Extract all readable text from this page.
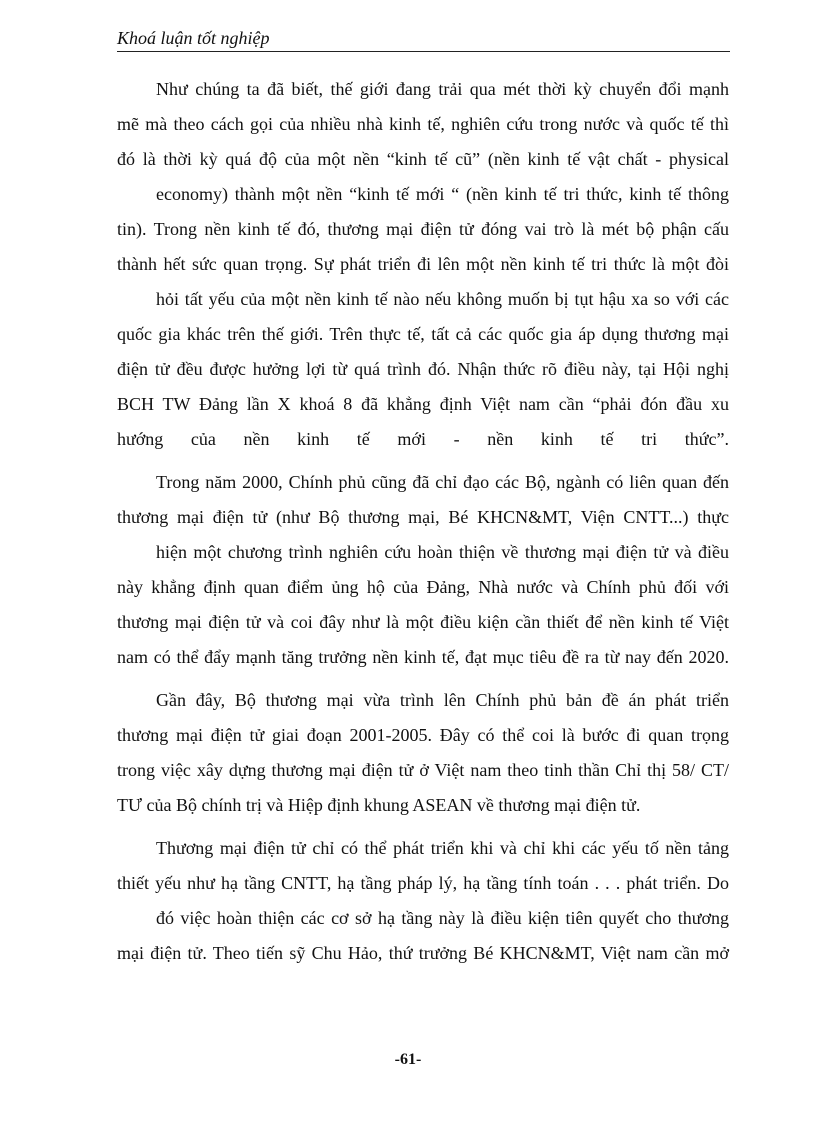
Khoá luận tốt nghiệp
Như chúng ta đã biết, thế giới đang trải qua mét thời kỳ chuyển đổi mạnh
mẽ mà theo cách gọi của nhiều nhà kinh tế, nghiên cứu trong nước và quốc tế thì
đó là thời kỳ quá độ của một nền “kinh tế cũ” (nền kinh tế vật chất - physical
economy) thành một nền “kinh tế mới “ (nền kinh tế tri thức, kinh tế thông
tin). Trong nền kinh tế đó, thương mại điện tử đóng vai trò là mét bộ phận cấu
thành hết sức quan trọng. Sự phát triển đi lên một nền kinh tế tri thức là một đòi
hỏi tất yếu của một nền kinh tế nào nếu không muốn bị tụt hậu xa so với các
quốc gia khác trên thế giới. Trên thực tế, tất cả các quốc gia áp dụng thương mại
điện tử đều được hưởng lợi từ quá trình đó. Nhận thức rõ điều này, tại Hội nghị
BCH TW Đảng lần X khoá 8 đã khẳng định Việt nam cần “phải đón đầu xu
hướng của nền kinh tế mới - nền kinh tế tri thức”.
Trong năm 2000, Chính phủ cũng đã chỉ đạo các Bộ, ngành có liên quan đến
thương mại điện tử (như Bộ thương mại, Bé KHCN&MT, Viện CNTT...) thực
hiện một chương trình nghiên cứu hoàn thiện về thương mại điện tử và điều
này khẳng định quan điểm ủng hộ của Đảng, Nhà nước và Chính phủ đối với
thương mại điện tử và coi đây như là một điều kiện cần thiết để nền kinh tế Việt
nam có thể đẩy mạnh tăng trưởng nền kinh tế, đạt mục tiêu đề ra từ nay đến 2020.
Gần đây, Bộ thương mại vừa trình lên Chính phủ bản đề án phát triển
thương mại điện tử giai đoạn 2001-2005. Đây có thể coi là bước đi quan trọng
trong việc xây dựng thương mại điện tử ở Việt nam theo tinh thần Chỉ thị 58/ CT/
TƯ của Bộ chính trị và Hiệp định khung ASEAN về thương mại điện tử.
Thương mại điện tử chỉ có thể phát triển khi và chỉ khi các yếu tố nền tảng
thiết yếu như hạ tầng CNTT, hạ tầng pháp lý, hạ tầng tính toán . . . phát triển. Do
đó việc hoàn thiện các cơ sở hạ tầng này là điều kiện tiên quyết cho thương
mại điện tử. Theo tiến sỹ Chu Hảo, thứ trưởng Bé KHCN&MT, Việt nam cần mở
-61-
